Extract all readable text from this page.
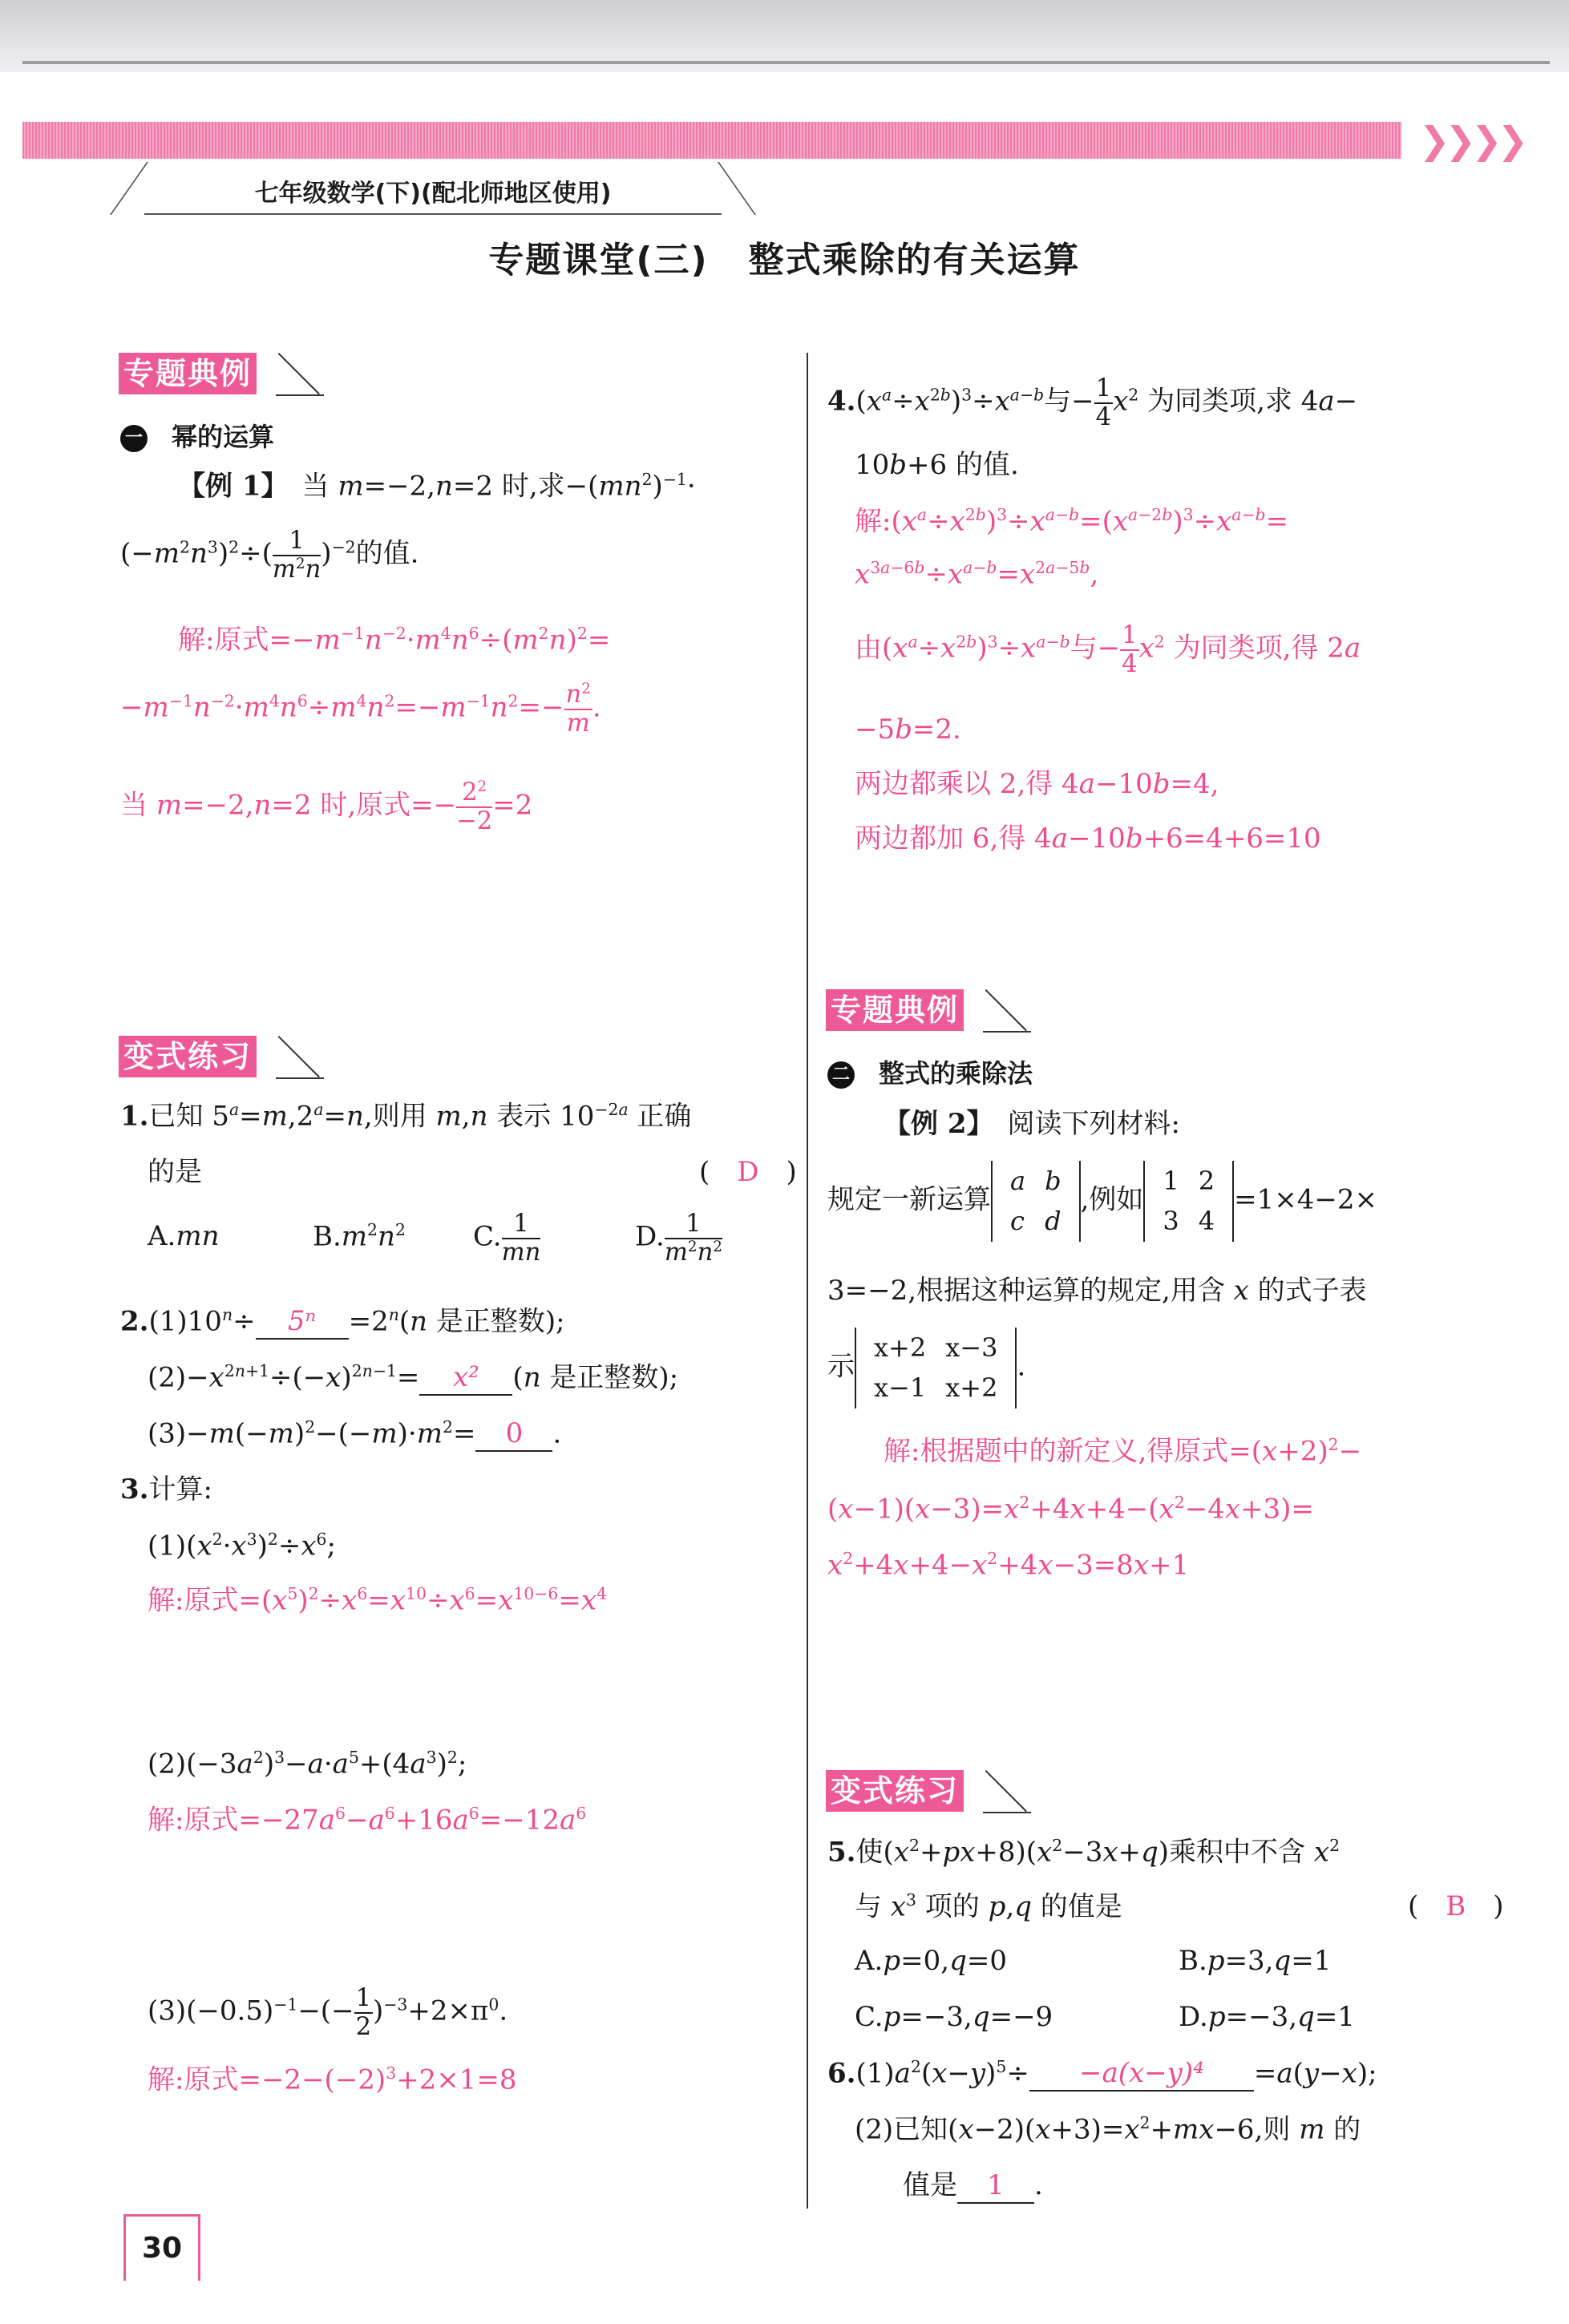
❯❯❯❯
七年级数学(下)(配北师地区使用)
专题课堂(三) 整式乘除的有关运算
专题典例
一 幂的运算
【例 1】　当 m=−2,n=2 时,求$-(mn^2)^{-1}\cdot$
$(-m^2n^3)^2\div( \frac{1}{m^2n} )^{-2}$的值.
解:原式$=-m^{-1}n^{-2}\cdot m^4n^6\div(m^2n)^2=$
$-m^{-1}n^{-2}\cdot m^4n^6\div m^4n^2=-m^{-1}n^2=- \frac{n^2}{m}$ .
当 m=−2,n=2 时,原式=− $\frac{2^2}{-2} =2$
变式练习
1.已知 $5^a=m,2^a=n$,则用 m,n 表示 $10^{-2a}$ 正确
的是	(　D　)
A.mn	$B.m^2n^2$ C. $\frac{1}{mn}$	D. $\frac{1}{m^2n^2}$
$2.(1)10^n\div 5^n =2^n(n$ 是正整数);
$(2)-x^{2n+1}\div(-x)^{2n-1}= x^2$ (n 是正整数);
$(3)-m(-m)^2-(-m)\cdot m^2= 0$ .
3.计算:
$(1)(x^2\cdot x^3)^2\div x^6$;
解:原式$=(x^5)^2\div x^6=x^{10}\div x^6=x^{10-6}=x^4$
$(2)(-3a^2)^3-a\cdot a^5+(4a^3)^2$;
解:原式$=-27a^6-a^6+16a^6=-12a^6$
$(3)(-0.5)^{-1}-(- \frac{1}{2} )^{-3}+2\times\pi^0$.
解:原式$=-2-(-2)^3+2\times 1=8$
$4.(x^a\div x^{2b})^3\div x^{a-b}$与− $\frac{1}{4} x^2$ 为同类项,求 4a−
10b+6 的值.
解$:(x^a\div x^{2b})^3\div x^{a-b}=(x^{a-2b})^3\div x^{a-b}=$
$x^{3a-6b}\div x^{a-b}=x^{2a-5b}$,
由$(x^a\div x^{2b})^3\div x^{a-b}$与− $\frac{1}{4} x^2$ 为同类项,得 2a
−5b=2.
两边都乘以 2,得 4a−10b=4,
两边都加 6,得 4a−10b+6=4+6=10
专题典例
二 整式的乘除法
【例 2】　 阅读下列材料:
规定一新运算
a	b
c	d
,例如
1	2
3	4
=1×4−2×
3=−2,根据这种运算的规定,用含 x 的式子表
示
x+2	x−3
x−1	x+2
.
解:根据题中的新定义,得原式$=(x+2)^2-$
$(x-1)(x-3)=x^2+4x+4-(x^2-4x+3)=$
$x^2+4x+4-x^2+4x-3=8x+1$
变式练习
5.使$(x^2+px+8)(x^2-3x+q)$乘积中不含 $x^2$
与 $x^3$ 项的 p,q 的值是	(　B　)
A.p=0,q=0	B.p=3,q=1
C.p=−3,q=−9	D.p=−3,q=1
$6.(1)a^2(x-y)^5\div -a(x-y)^4 =a(y-x)$;
(2)已知$(x-2)(x+3)=x^2+mx-6$,则 m 的
值是 1 .
30
